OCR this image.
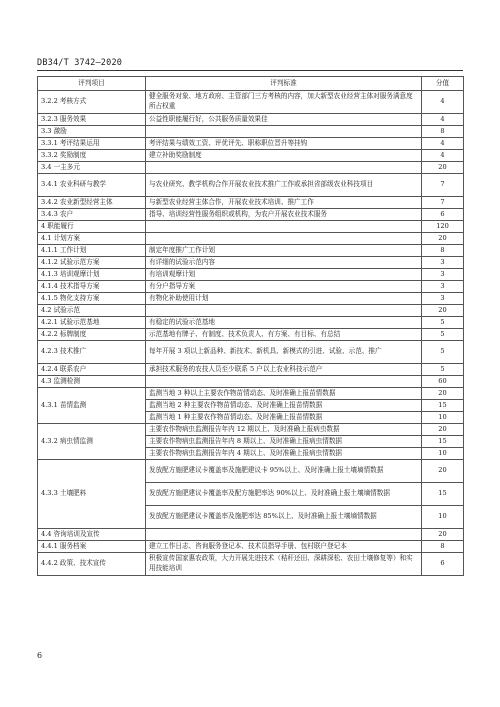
DB34/T 3742—2020
评判项目	评判标准	分值
3.2.2 考核方式	健全服务对象、地方政府、主管部门三方考核的内容，加大新型农业经营主体对服务满意度所占权重	4
3.2.3 服务效果	公益性职能履行好，公共服务质量效果佳	4
3.3 激励		8
3.3.1 考评结果运用	考评结果与绩效工资、评优评先、职称职位晋升等挂钩	4
3.3.2 奖励制度	建立补助奖励制度	4
3.4 一主多元		20
3.4.1 农业科研与教学	与农业研究、教学机构合作开展农业技术推广工作或承担省部级农业科技项目	7
3.4.2 农业新型经营主体	与新型农业经营主体合作，开展农业技术培训、推广工作	7
3.4.3 农户	指导、培训经营性服务组织或机构，为农户开展农业技术服务	6
4 职能履行		120
4.1 计划方案		20
4.1.1 工作计划	制定年度推广工作计划	8
4.1.2 试验示范方案	有详细的试验示范内容	3
4.1.3 培训观摩计划	有培训观摩计划	3
4.1.4 技术指导方案	有分户指导方案	3
4.1.5 物化支持方案	有物化补助使用计划	3
4.2 试验示范		20
4.2.1 试验示范基地	有稳定的试验示范基地	5
4.2.2 标牌制度	示范基地有牌子、有制度、技术负责人、有方案、有目标、有总结	5
4.2.3 技术推广	每年开展 3 项以上新品种、新技术、新机具、新模式的引进、试验、示范、推广	5
4.2.4 联系农户	承担技术服务的农技人员至少联系 5 户以上农业科技示范户	5
4.3 监测检测		60
4.3.1 苗情监测	监测当地 3 种以上主要农作物苗情动态、及时准确上报苗情数据	20
	监测当地 2 种主要农作物苗情动态、及时准确上报苗情数据	15
	监测当地 1 种主要农作物苗情动态、及时准确上报苗情数据	10
4.3.2 病虫情监测	主要农作物病虫监测报告年内 12 期以上、及时准确上报病虫数据	20
	主要农作物病虫监测报告年内 8 期以上、及时准确上报病虫情数据	15
	主要农作物病虫监测报告年内 4 期以上、及时准确上报病虫情数据	10
4.3.3 土壤肥料	发放配方施肥建议卡覆盖率及施肥建议卡 95%以上、及时准确上报土壤墒情数据	20
	发放配方施肥建议卡覆盖率及配方施肥率达 90%以上、及时准确上报土壤墒情数据	15
	发放配方施肥建议卡覆盖率及施肥率达 85%以上、及时准确上报土壤墒情数据	10
4.4 咨询培训及宣传		20
4.4.1 服务档案	建立工作日志、咨询服务登记本、技术员指导手册、包村联户登记本	8
4.4.2 政策、技术宣传	积极宣传国家惠农政策，大力开展先进技术（秸秆还田、深耕深松、农田土壤修复等）和实用技能培训	6
6
